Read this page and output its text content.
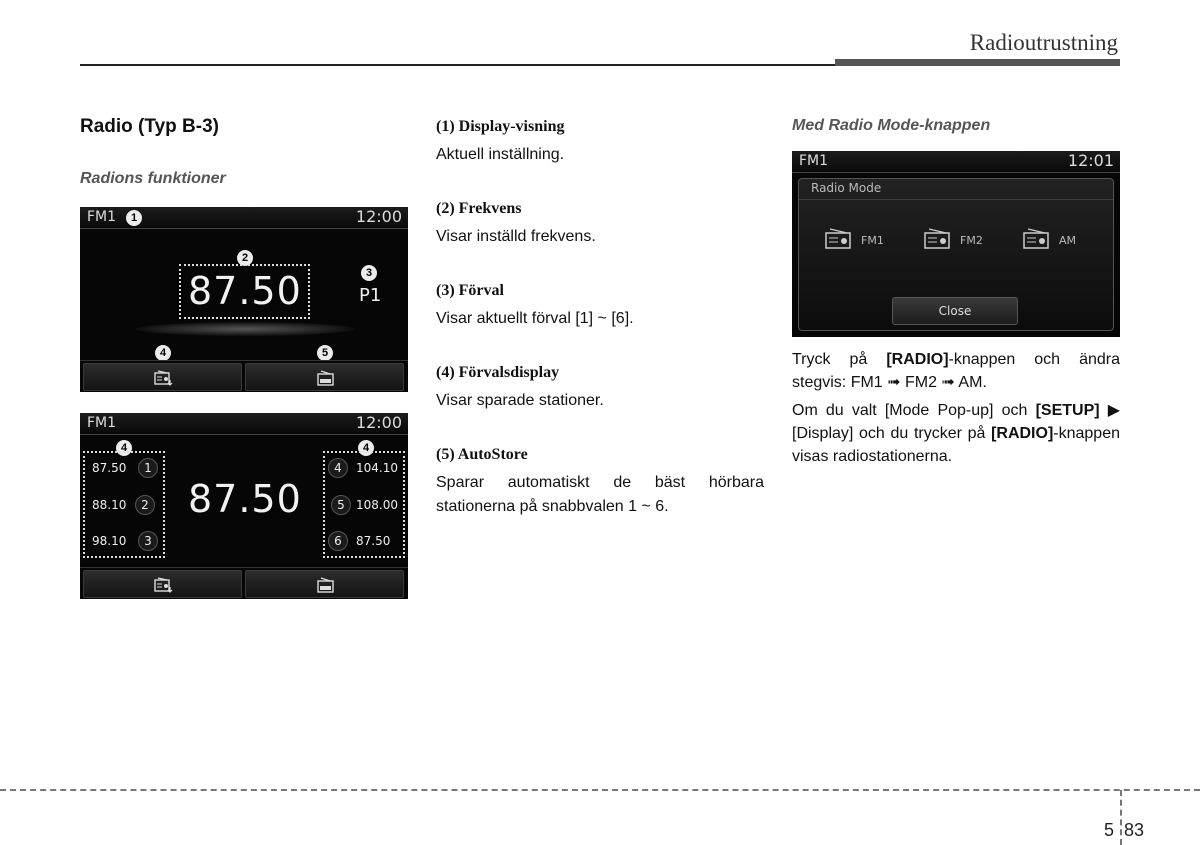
Radioutrustning
Radio (Typ B-3)
Radions funktioner
FM1	1	12:00
2
87.50	3
P1
4	5
FM1	12:00
4	4
87.50	1
88.10	2
98.10	3
4	104.10
5 108.00
6	87.50
87.50
(1) Display-visning
Aktuell inställning.
(2) Frekvens
Visar inställd frekvens.
(3) Förval
Visar aktuellt förval [1] ~ [6].
(4) Förvalsdisplay
Visar sparade stationer.
(5) AutoStore
Sparar automatiskt de bäst hörbara stationerna på snabbvalen 1 ~ 6.
Med Radio Mode-knappen
FM1	12:01
Radio Mode
FM1	FM2	AM
Close

Tryck på [RADIO]-knappen och ändra stegvis: FM1 ➟ FM2 ➟ AM.

Om du valt [Mode Pop-up] och [SETUP] ▶ [Display] och du trycker på [RADIO]-knappen visas radiostationerna.

5 83
